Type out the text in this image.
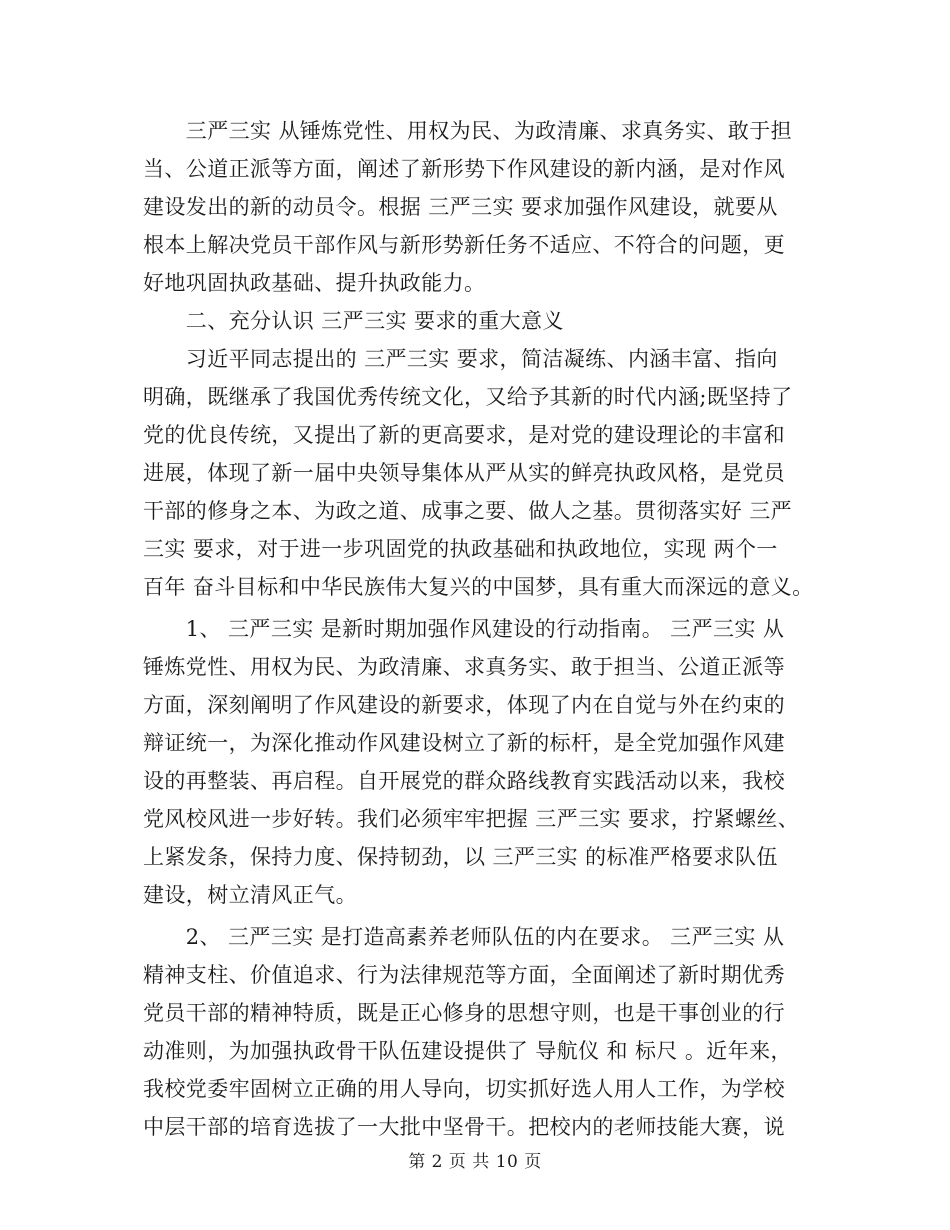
　　三严三实 从锤炼党性、用权为民、为政清廉、求真务实、敢于担
当、公道正派等方面，阐述了新形势下作风建设的新内涵，是对作风
建设发出的新的动员令。根据 三严三实 要求加强作风建设，就要从
根本上解决党员干部作风与新形势新任务不适应、不符合的问题，更
好地巩固执政基础、提升执政能力。
　　二、充分认识 三严三实 要求的重大意义
　　习近平同志提出的 三严三实 要求，简洁凝练、内涵丰富、指向
明确，既继承了我国优秀传统文化，又给予其新的时代内涵;既坚持了
党的优良传统，又提出了新的更高要求，是对党的建设理论的丰富和
进展，体现了新一届中央领导集体从严从实的鲜亮执政风格，是党员
干部的修身之本、为政之道、成事之要、做人之基。贯彻落实好 三严
三实 要求，对于进一步巩固党的执政基础和执政地位，实现 两个一
百年 奋斗目标和中华民族伟大复兴的中国梦，具有重大而深远的意义。
　　1、 三严三实 是新时期加强作风建设的行动指南。 三严三实 从
锤炼党性、用权为民、为政清廉、求真务实、敢于担当、公道正派等
方面，深刻阐明了作风建设的新要求，体现了内在自觉与外在约束的
辩证统一，为深化推动作风建设树立了新的标杆，是全党加强作风建
设的再整装、再启程。自开展党的群众路线教育实践活动以来，我校
党风校风进一步好转。我们必须牢牢把握 三严三实 要求，拧紧螺丝、
上紧发条，保持力度、保持韧劲，以 三严三实 的标准严格要求队伍
建设，树立清风正气。
　　2、 三严三实 是打造高素养老师队伍的内在要求。 三严三实 从
精神支柱、价值追求、行为法律规范等方面，全面阐述了新时期优秀
党员干部的精神特质，既是正心修身的思想守则，也是干事创业的行
动准则，为加强执政骨干队伍建设提供了 导航仪 和 标尺 。近年来，
我校党委牢固树立正确的用人导向，切实抓好选人用人工作，为学校
中层干部的培育选拔了一大批中坚骨干。把校内的老师技能大赛，说
第 2 页 共 10 页
